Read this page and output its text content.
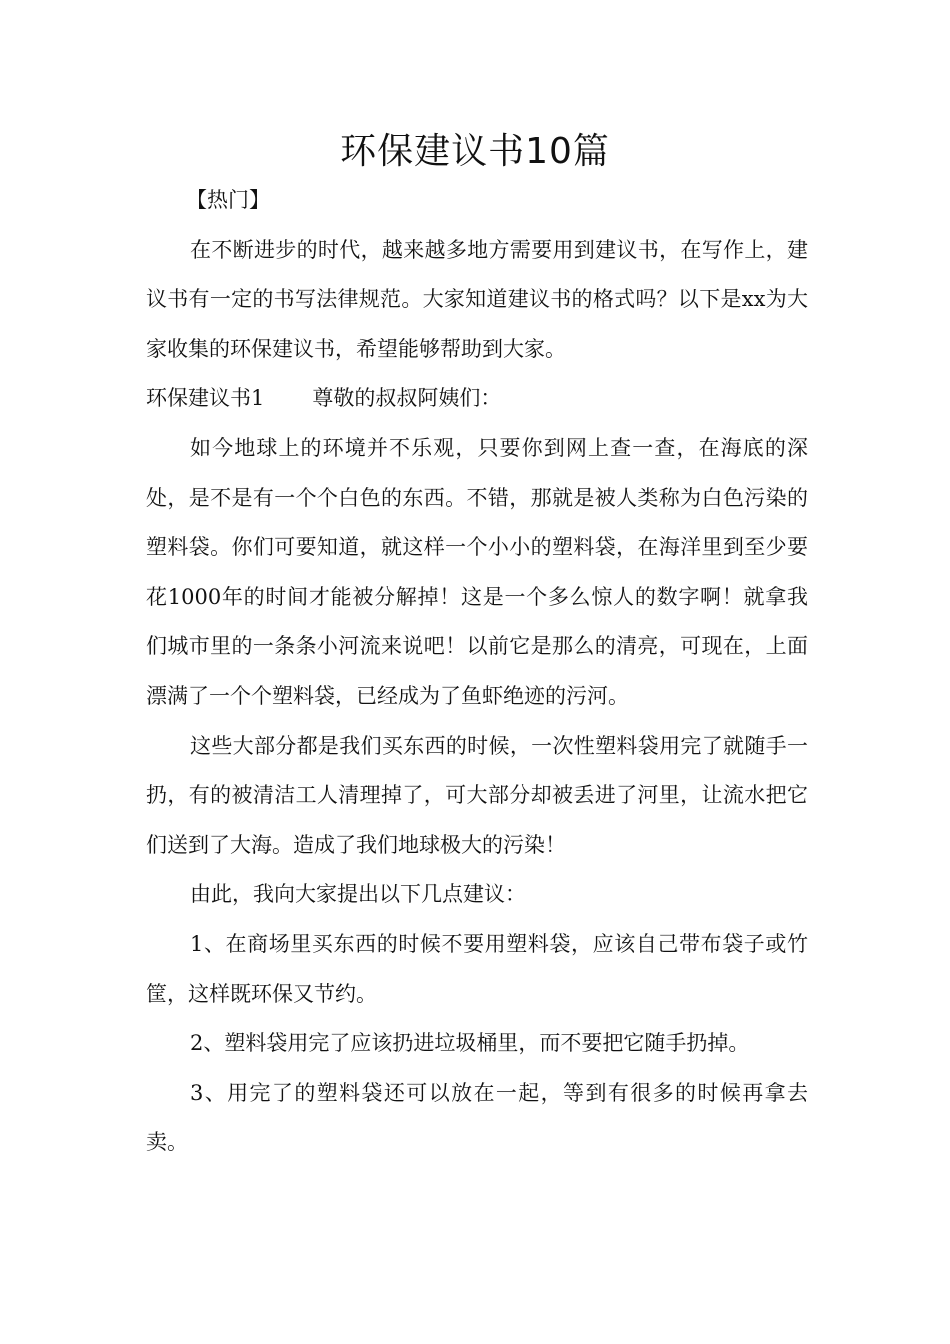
环保建议书10篇

【热门】

在不断进步的时代，越来越多地方需要用到建议书，在写作上，建议书有一定的书写法律规范。大家知道建议书的格式吗？以下是xx为大家收集的环保建议书，希望能够帮助到大家。

环保建议书1 尊敬的叔叔阿姨们：

如今地球上的环境并不乐观，只要你到网上查一查，在海底的深处，是不是有一个个白色的东西。不错，那就是被人类称为白色污染的塑料袋。你们可要知道，就这样一个小小的塑料袋，在海洋里到至少要花1000年的时间才能被分解掉！这是一个多么惊人的数字啊！就拿我们城市里的一条条小河流来说吧！以前它是那么的清亮，可现在，上面漂满了一个个塑料袋，已经成为了鱼虾绝迹的污河。

这些大部分都是我们买东西的时候，一次性塑料袋用完了就随手一扔，有的被清洁工人清理掉了，可大部分却被丢进了河里，让流水把它们送到了大海。造成了我们地球极大的污染！

由此，我向大家提出以下几点建议：

1、在商场里买东西的时候不要用塑料袋，应该自己带布袋子或竹筐，这样既环保又节约。

2、塑料袋用完了应该扔进垃圾桶里，而不要把它随手扔掉。

3、用完了的塑料袋还可以放在一起，等到有很多的时候再拿去卖。
